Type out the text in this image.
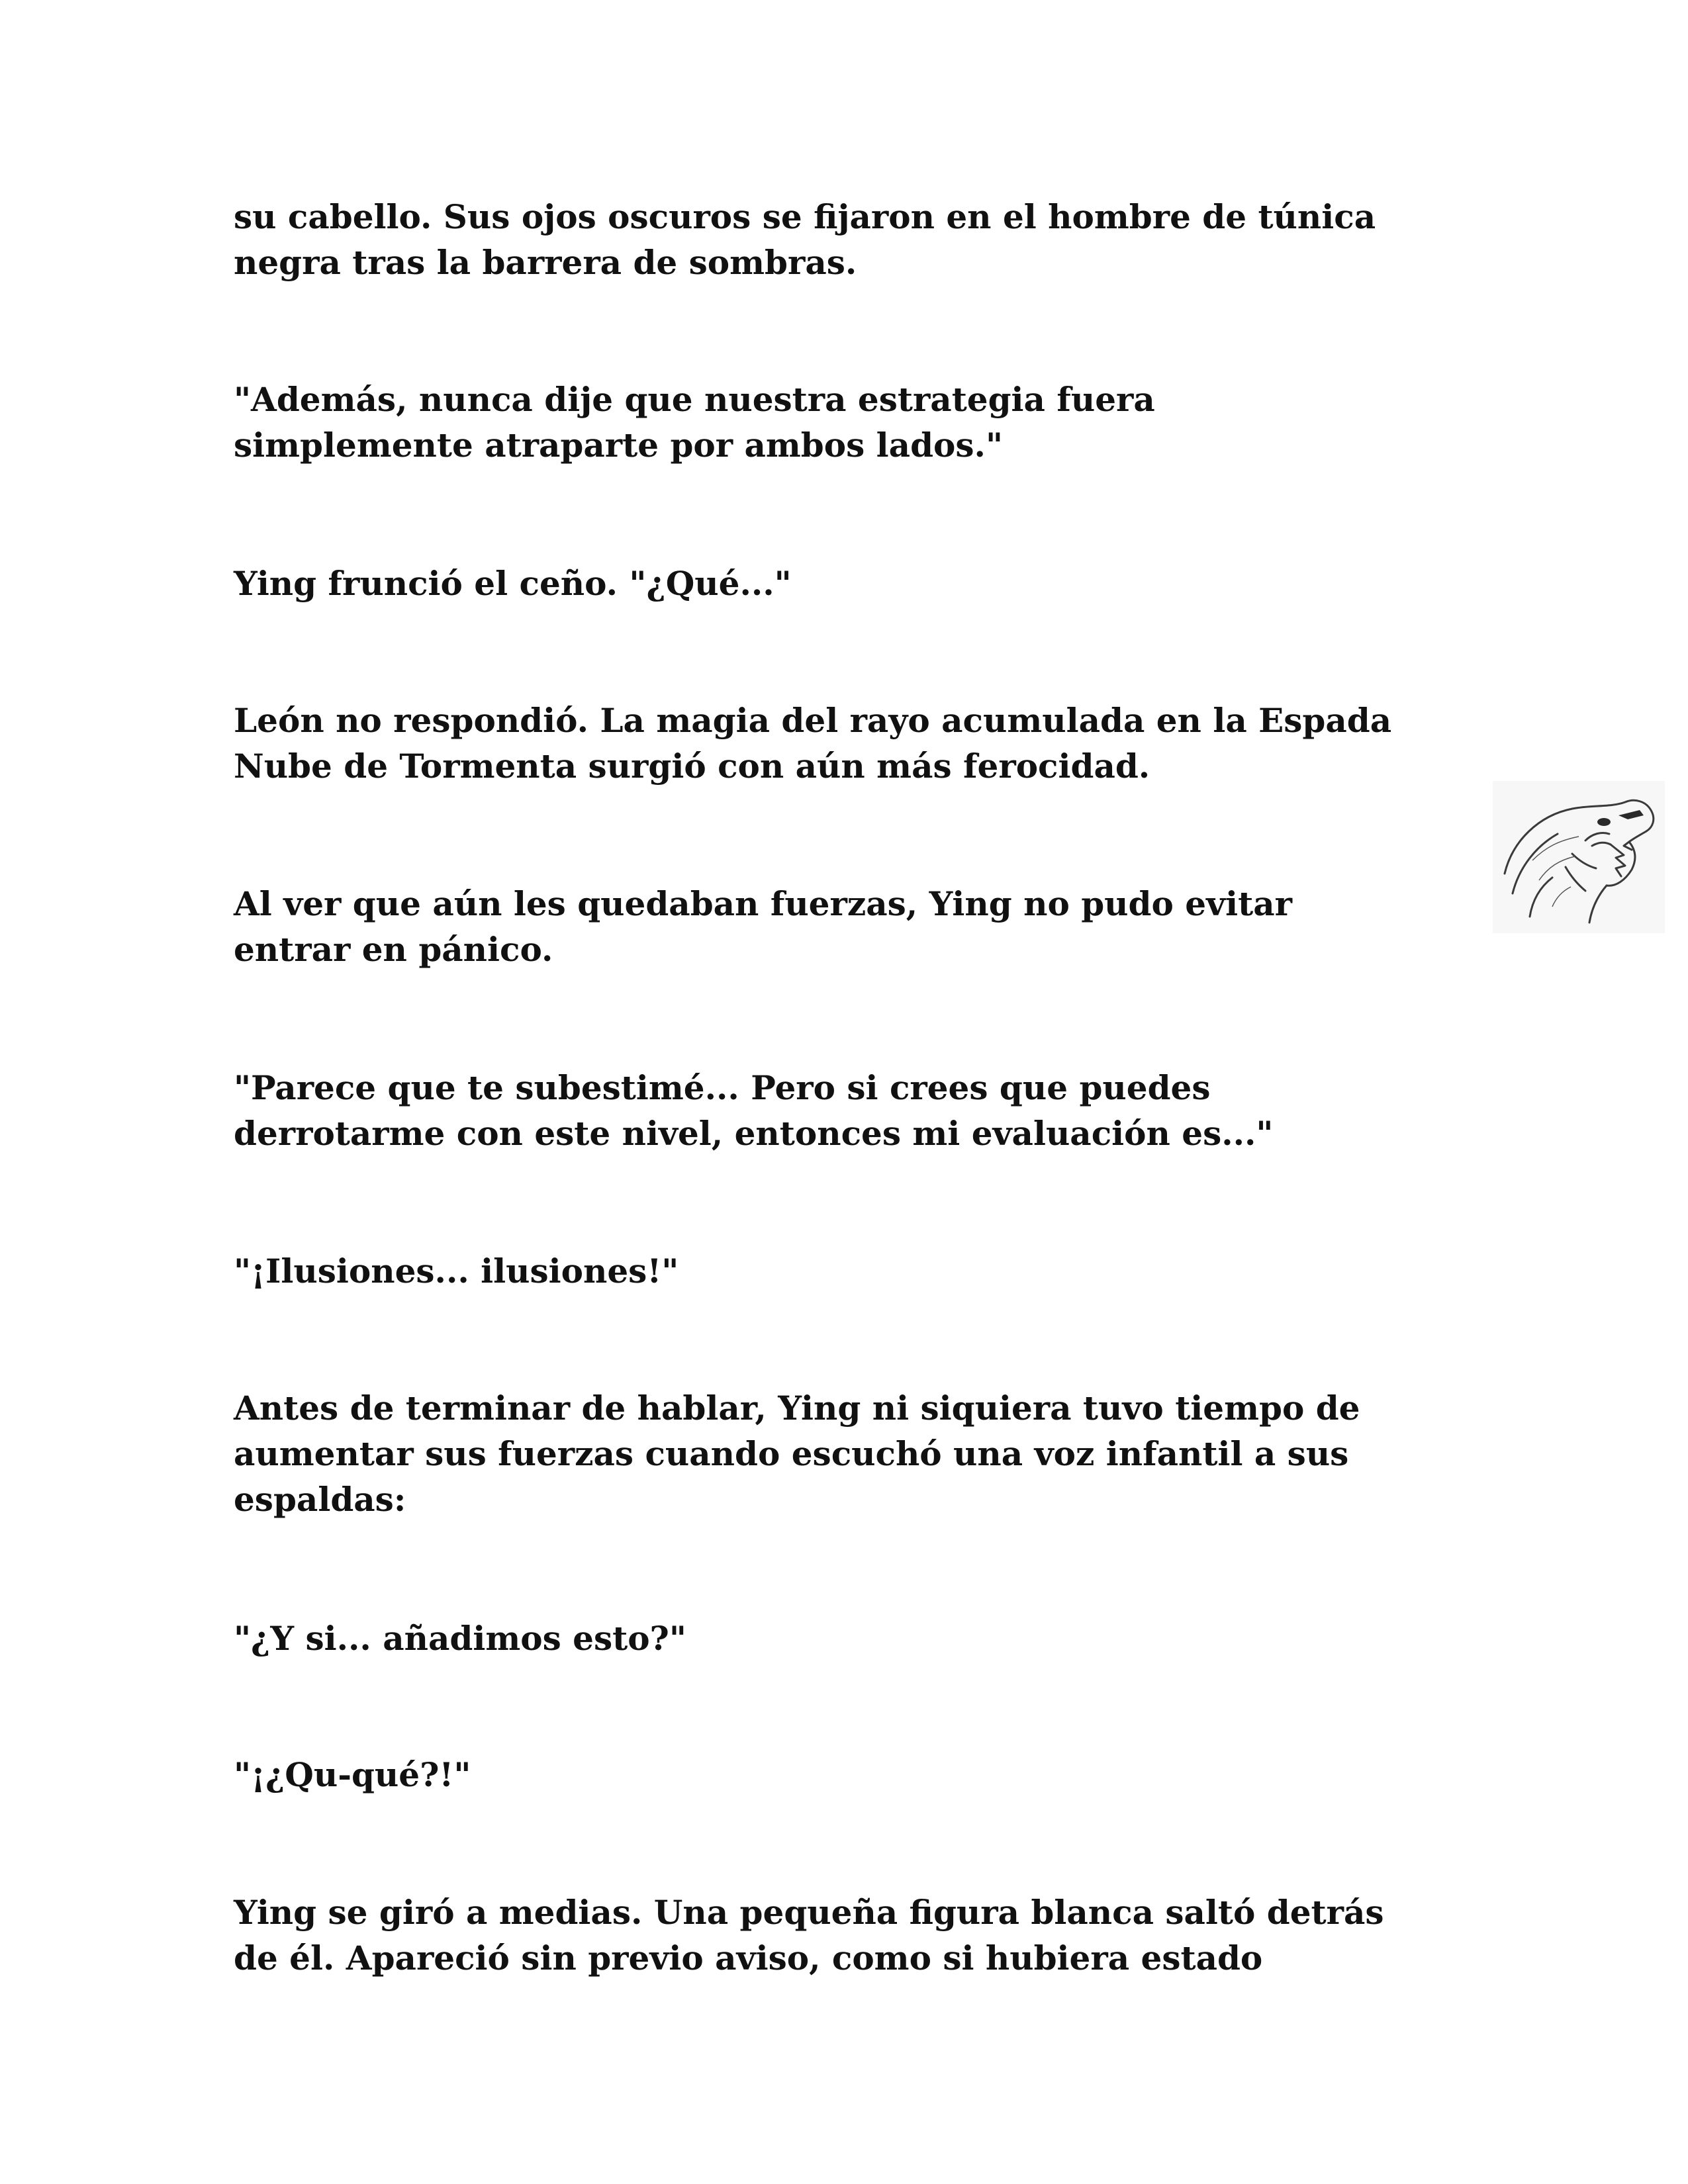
su cabello. Sus ojos oscuros se fijaron en el hombre de túnica
negra tras la barrera de sombras.

"Además, nunca dije que nuestra estrategia fuera
simplemente atraparte por ambos lados."

Ying frunció el ceño. "¿Qué..."

León no respondió. La magia del rayo acumulada en la Espada
Nube de Tormenta surgió con aún más ferocidad.

Al ver que aún les quedaban fuerzas, Ying no pudo evitar
entrar en pánico.

"Parece que te subestimé... Pero si crees que puedes
derrotarme con este nivel, entonces mi evaluación es..."

"¡Ilusiones... ilusiones!"

Antes de terminar de hablar, Ying ni siquiera tuvo tiempo de
aumentar sus fuerzas cuando escuchó una voz infantil a sus
espaldas:

"¿Y si... añadimos esto?"

"¡¿Qu-qué?!"

Ying se giró a medias. Una pequeña figura blanca saltó detrás
de él. Apareció sin previo aviso, como si hubiera estado
